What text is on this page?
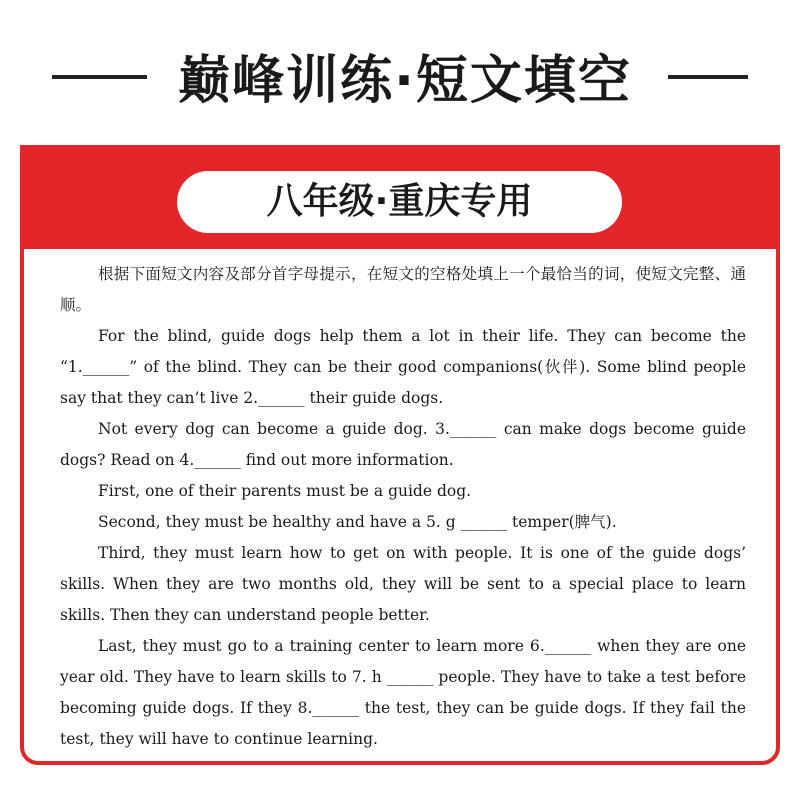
巅峰训练·短文填空
八年级·重庆专用

根据下面短文内容及部分首字母提示，在短文的空格处填上一个最恰当的词，使短文完整、通顺。

For the blind, guide dogs help them a lot in their life. They can become the “1.______” of the blind. They can be their good companions(伙伴). Some blind people say that they can’t live 2.______ their guide dogs.

Not every dog can become a guide dog. 3.______ can make dogs become guide dogs? Read on 4.______ find out more information.

First, one of their parents must be a guide dog.

Second, they must be healthy and have a 5. g ______ temper(脾气).

Third, they must learn how to get on with people. It is one of the guide dogs’ skills. When they are two months old, they will be sent to a special place to learn skills. Then they can understand people better.

Last, they must go to a training center to learn more 6.______ when they are one year old. They have to learn skills to 7. h ______ people. They have to take a test before becoming guide dogs. If they 8.______ the test, they can be guide dogs. If they fail the test, they will have to continue learning.
